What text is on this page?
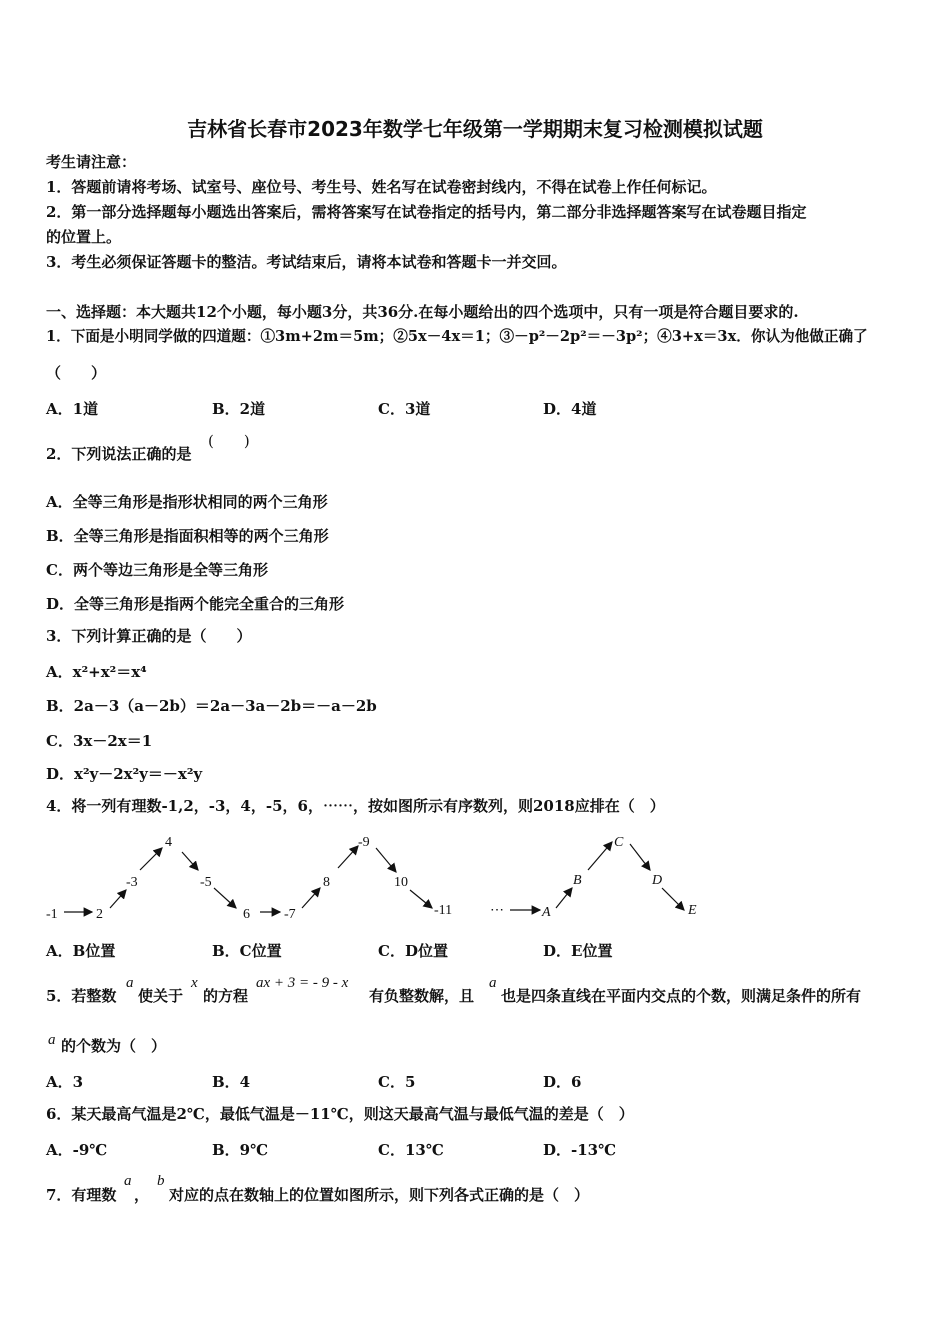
吉林省长春市2023年数学七年级第一学期期末复习检测模拟试题
考生请注意：
1．答题前请将考场、试室号、座位号、考生号、姓名写在试卷密封线内，不得在试卷上作任何标记。
2．第一部分选择题每小题选出答案后，需将答案写在试卷指定的括号内，第二部分非选择题答案写在试卷题目指定
的位置上。
3．考生必须保证答题卡的整洁。考试结束后，请将本试卷和答题卡一并交回。
一、选择题：本大题共12个小题，每小题3分，共36分.在每小题给出的四个选项中，只有一项是符合题目要求的.
1．下面是小明同学做的四道题：①3m+2m＝5m；②5x－4x＝1；③－p²－2p²＝－3p²；④3+x＝3x．你认为他做正确了
（　　）
A．1道	B．2道	C．3道	D．4道
2．下列说法正确的是
(　　)
A．全等三角形是指形状相同的两个三角形
B．全等三角形是指面积相等的两个三角形
C．两个等边三角形是全等三角形
D．全等三角形是指两个能完全重合的三角形
3．下列计算正确的是（　　）
A．x²+x²＝x⁴
B．2a－3（a－2b）＝2a－3a－2b＝－a－2b
C．3x－2x＝1
D．x²y－2x²y＝－x²y
4．将一列有理数-1,2，-3，4，-5，6，⋯⋯，按如图所示有序数列，则2018应排在（　）
-1	2
-3
4
-5
6 -7
8
-9
10
-11	⋯	A
B
C
D
E
A．B位置	B．C位置	C．D位置	D．E位置
5．若整数
a
使关于
x
的方程
ax + 3 = - 9 - x
有负整数解，且
a
也是四条直线在平面内交点的个数，则满足条件的所有
a 的个数为（　）
A．3	B．4	C．5	D．6
6．某天最高气温是2℃，最低气温是－11℃，则这天最高气温与最低气温的差是（　）
A．-9℃	B．9℃	C．13℃	D．-13℃
7．有理数
a
，
b
对应的点在数轴上的位置如图所示，则下列各式正确的是（　）
